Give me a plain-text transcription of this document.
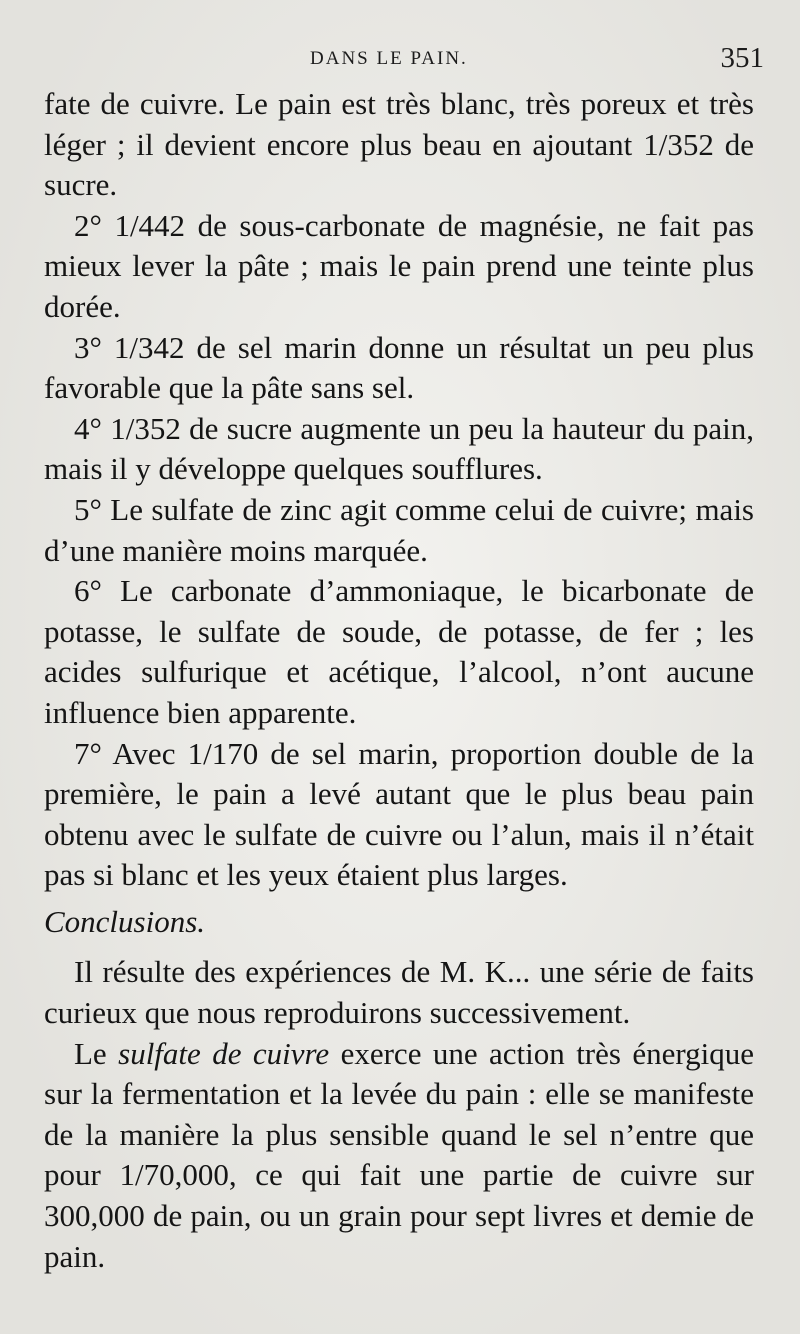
DANS LE PAIN.	351

fate de cuivre. Le pain est très blanc, très poreux et très léger ; il devient encore plus beau en ajoutant 1/352 de sucre.

2° 1/442 de sous-carbonate de magnésie, ne fait pas mieux lever la pâte ; mais le pain prend une teinte plus dorée.

3° 1/342 de sel marin donne un résultat un peu plus favorable que la pâte sans sel.

4° 1/352 de sucre augmente un peu la hauteur du pain, mais il y développe quelques soufflures.

5° Le sulfate de zinc agit comme celui de cuivre; mais d’une manière moins marquée.

6° Le carbonate d’ammoniaque, le bicarbonate de potasse, le sulfate de soude, de potasse, de fer ; les acides sulfurique et acétique, l’alcool, n’ont aucune influence bien apparente.

7° Avec 1/170 de sel marin, proportion double de la première, le pain a levé autant que le plus beau pain obtenu avec le sulfate de cuivre ou l’alun, mais il n’était pas si blanc et les yeux étaient plus larges.

Conclusions.

Il résulte des expériences de M. K... une série de faits curieux que nous reproduirons successivement.

Le sulfate de cuivre exerce une action très énergique sur la fermentation et la levée du pain : elle se manifeste de la manière la plus sensible quand le sel n’entre que pour 1/70,000, ce qui fait une partie de cuivre sur 300,000 de pain, ou un grain pour sept livres et demie de pain.
